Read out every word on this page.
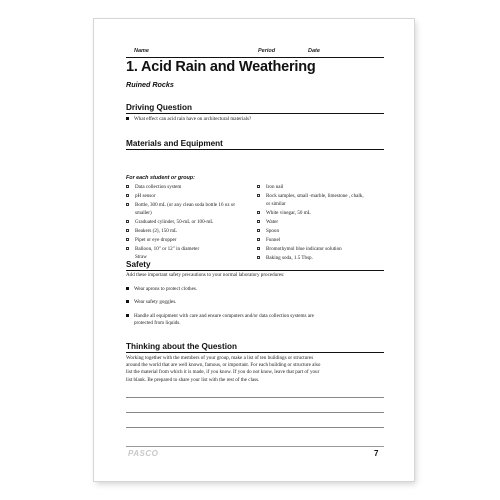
Name	Period	Date
1. Acid Rain and Weathering
Ruined Rocks
Driving Question
What effect can acid rain have on architectural materials?
Materials and Equipment
For each student or group:
Data collection system
pH sensor
Bottle, 300 mL (or any clean soda bottle 16 oz or
smaller)
Graduated cylinder, 50-mL or 100-mL
Beakers (2), 150 mL
Pipet or eye dropper
Balloon, 10" or 12" in diameter
Straw
Iron nail
Rock samples, small -marble, limestone , chalk,
or similar
White vinegar, 50 mL
Water
Spoon
Funnel
Bromothymol blue indicator solution
Baking soda, 1.5 Tbsp.
Safety
Add these important safety precautions to your normal laboratory procedures:
Wear aprons to protect clothes.
Wear safety goggles.
Handle all equipment with care and ensure computers and/or data collection systems are
protected from liquids.
Thinking about the Question
Working together with the members of your group, make a list of ten buildings or structures
around the world that are well known, famous, or important. For each building or structure also
list the material from which it is made, if you know. If you do not know, leave that part of your
list blank. Be prepared to share your list with the rest of the class.
PASCO	7
